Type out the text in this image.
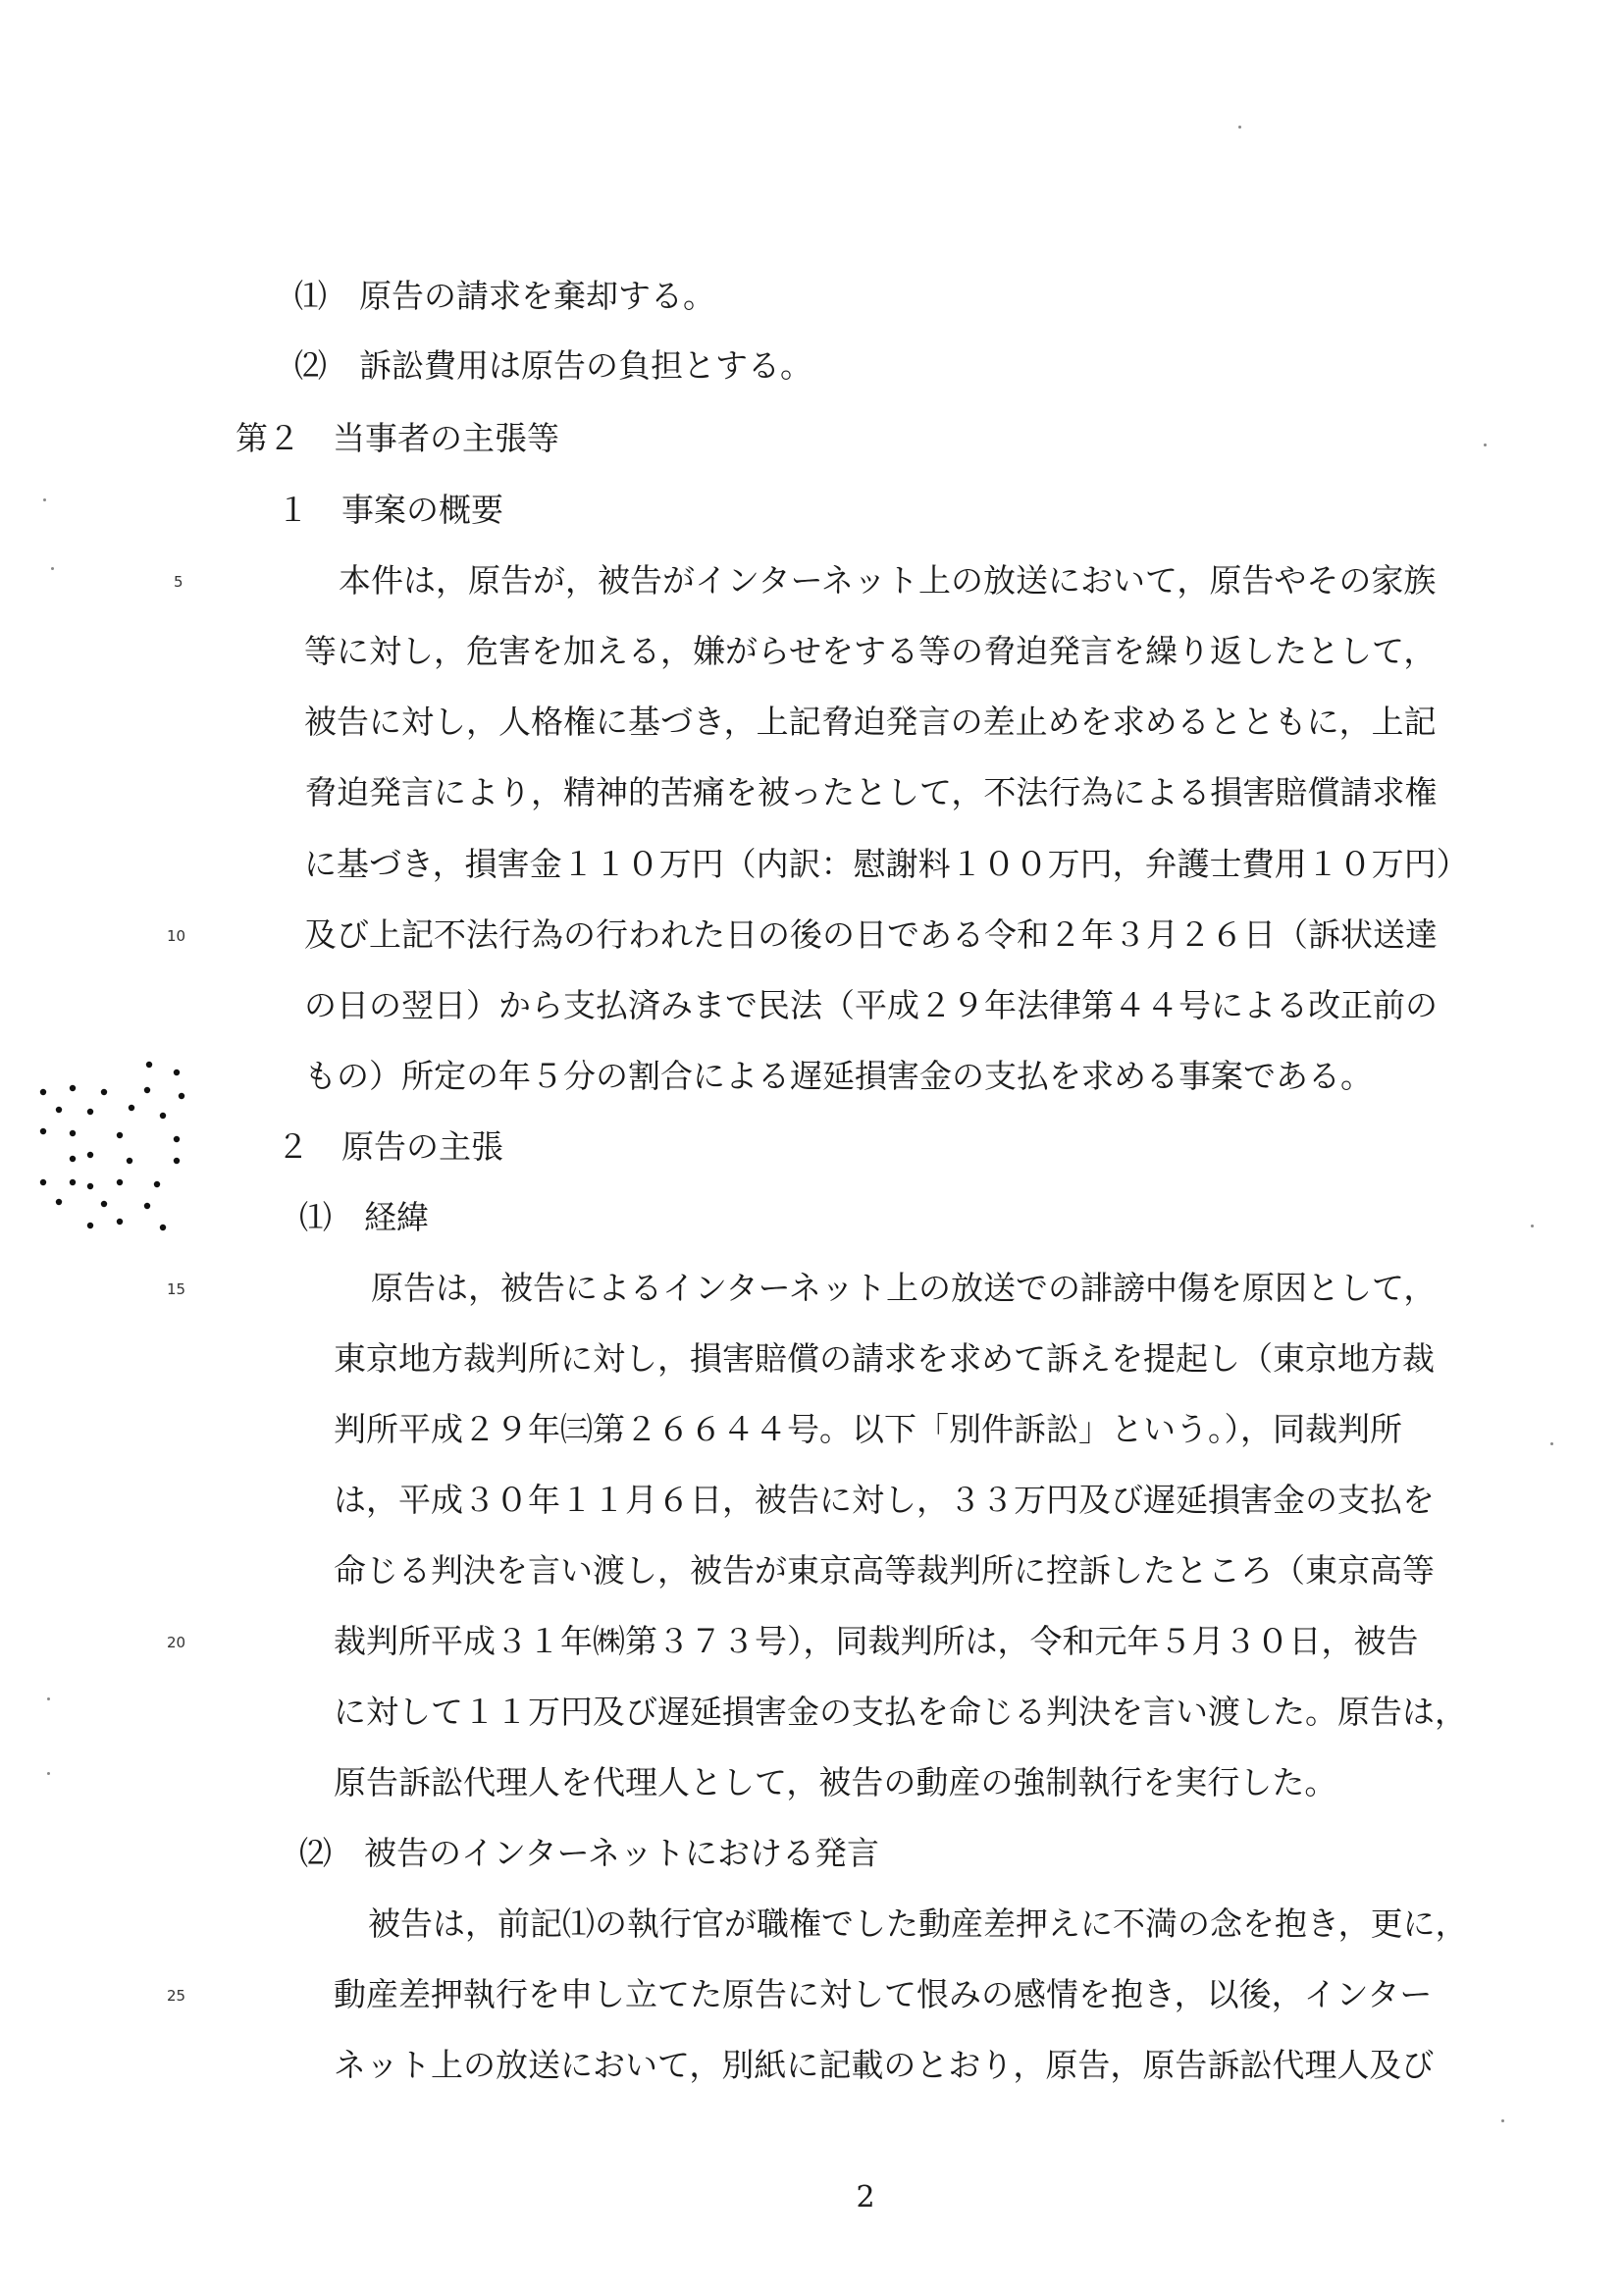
⑴　原告の請求を棄却する。
⑵　訴訟費用は原告の負担とする。
第２　当事者の主張等
１　事案の概要
本件は，原告が，被告がインターネット上の放送において，原告やその家族
等に対し，危害を加える，嫌がらせをする等の脅迫発言を繰り返したとして，
被告に対し，人格権に基づき，上記脅迫発言の差止めを求めるとともに，上記
脅迫発言により，精神的苦痛を被ったとして，不法行為による損害賠償請求権
に基づき，損害金１１０万円（内訳：慰謝料１００万円，弁護士費用１０万円）
及び上記不法行為の行われた日の後の日である令和２年３月２６日（訴状送達
の日の翌日）から支払済みまで民法（平成２９年法律第４４号による改正前の
もの）所定の年５分の割合による遅延損害金の支払を求める事案である。
２　原告の主張
⑴　経緯
原告は，被告によるインターネット上の放送での誹謗中傷を原因として，
東京地方裁判所に対し，損害賠償の請求を求めて訴えを提起し（東京地方裁
判所平成２９年㈢第２６６４４号。以下「別件訴訟」という。），同裁判所
は，平成３０年１１月６日，被告に対し，３３万円及び遅延損害金の支払を
命じる判決を言い渡し，被告が東京高等裁判所に控訴したところ（東京高等
裁判所平成３１年㈱第３７３号），同裁判所は，令和元年５月３０日，被告
に対して１１万円及び遅延損害金の支払を命じる判決を言い渡した。原告は，
原告訴訟代理人を代理人として，被告の動産の強制執行を実行した。
⑵　被告のインターネットにおける発言
被告は，前記⑴の執行官が職権でした動産差押えに不満の念を抱き，更に，
動産差押執行を申し立てた原告に対して恨みの感情を抱き，以後，インター
ネット上の放送において，別紙に記載のとおり，原告，原告訴訟代理人及び
5
10
15
20
25
2
